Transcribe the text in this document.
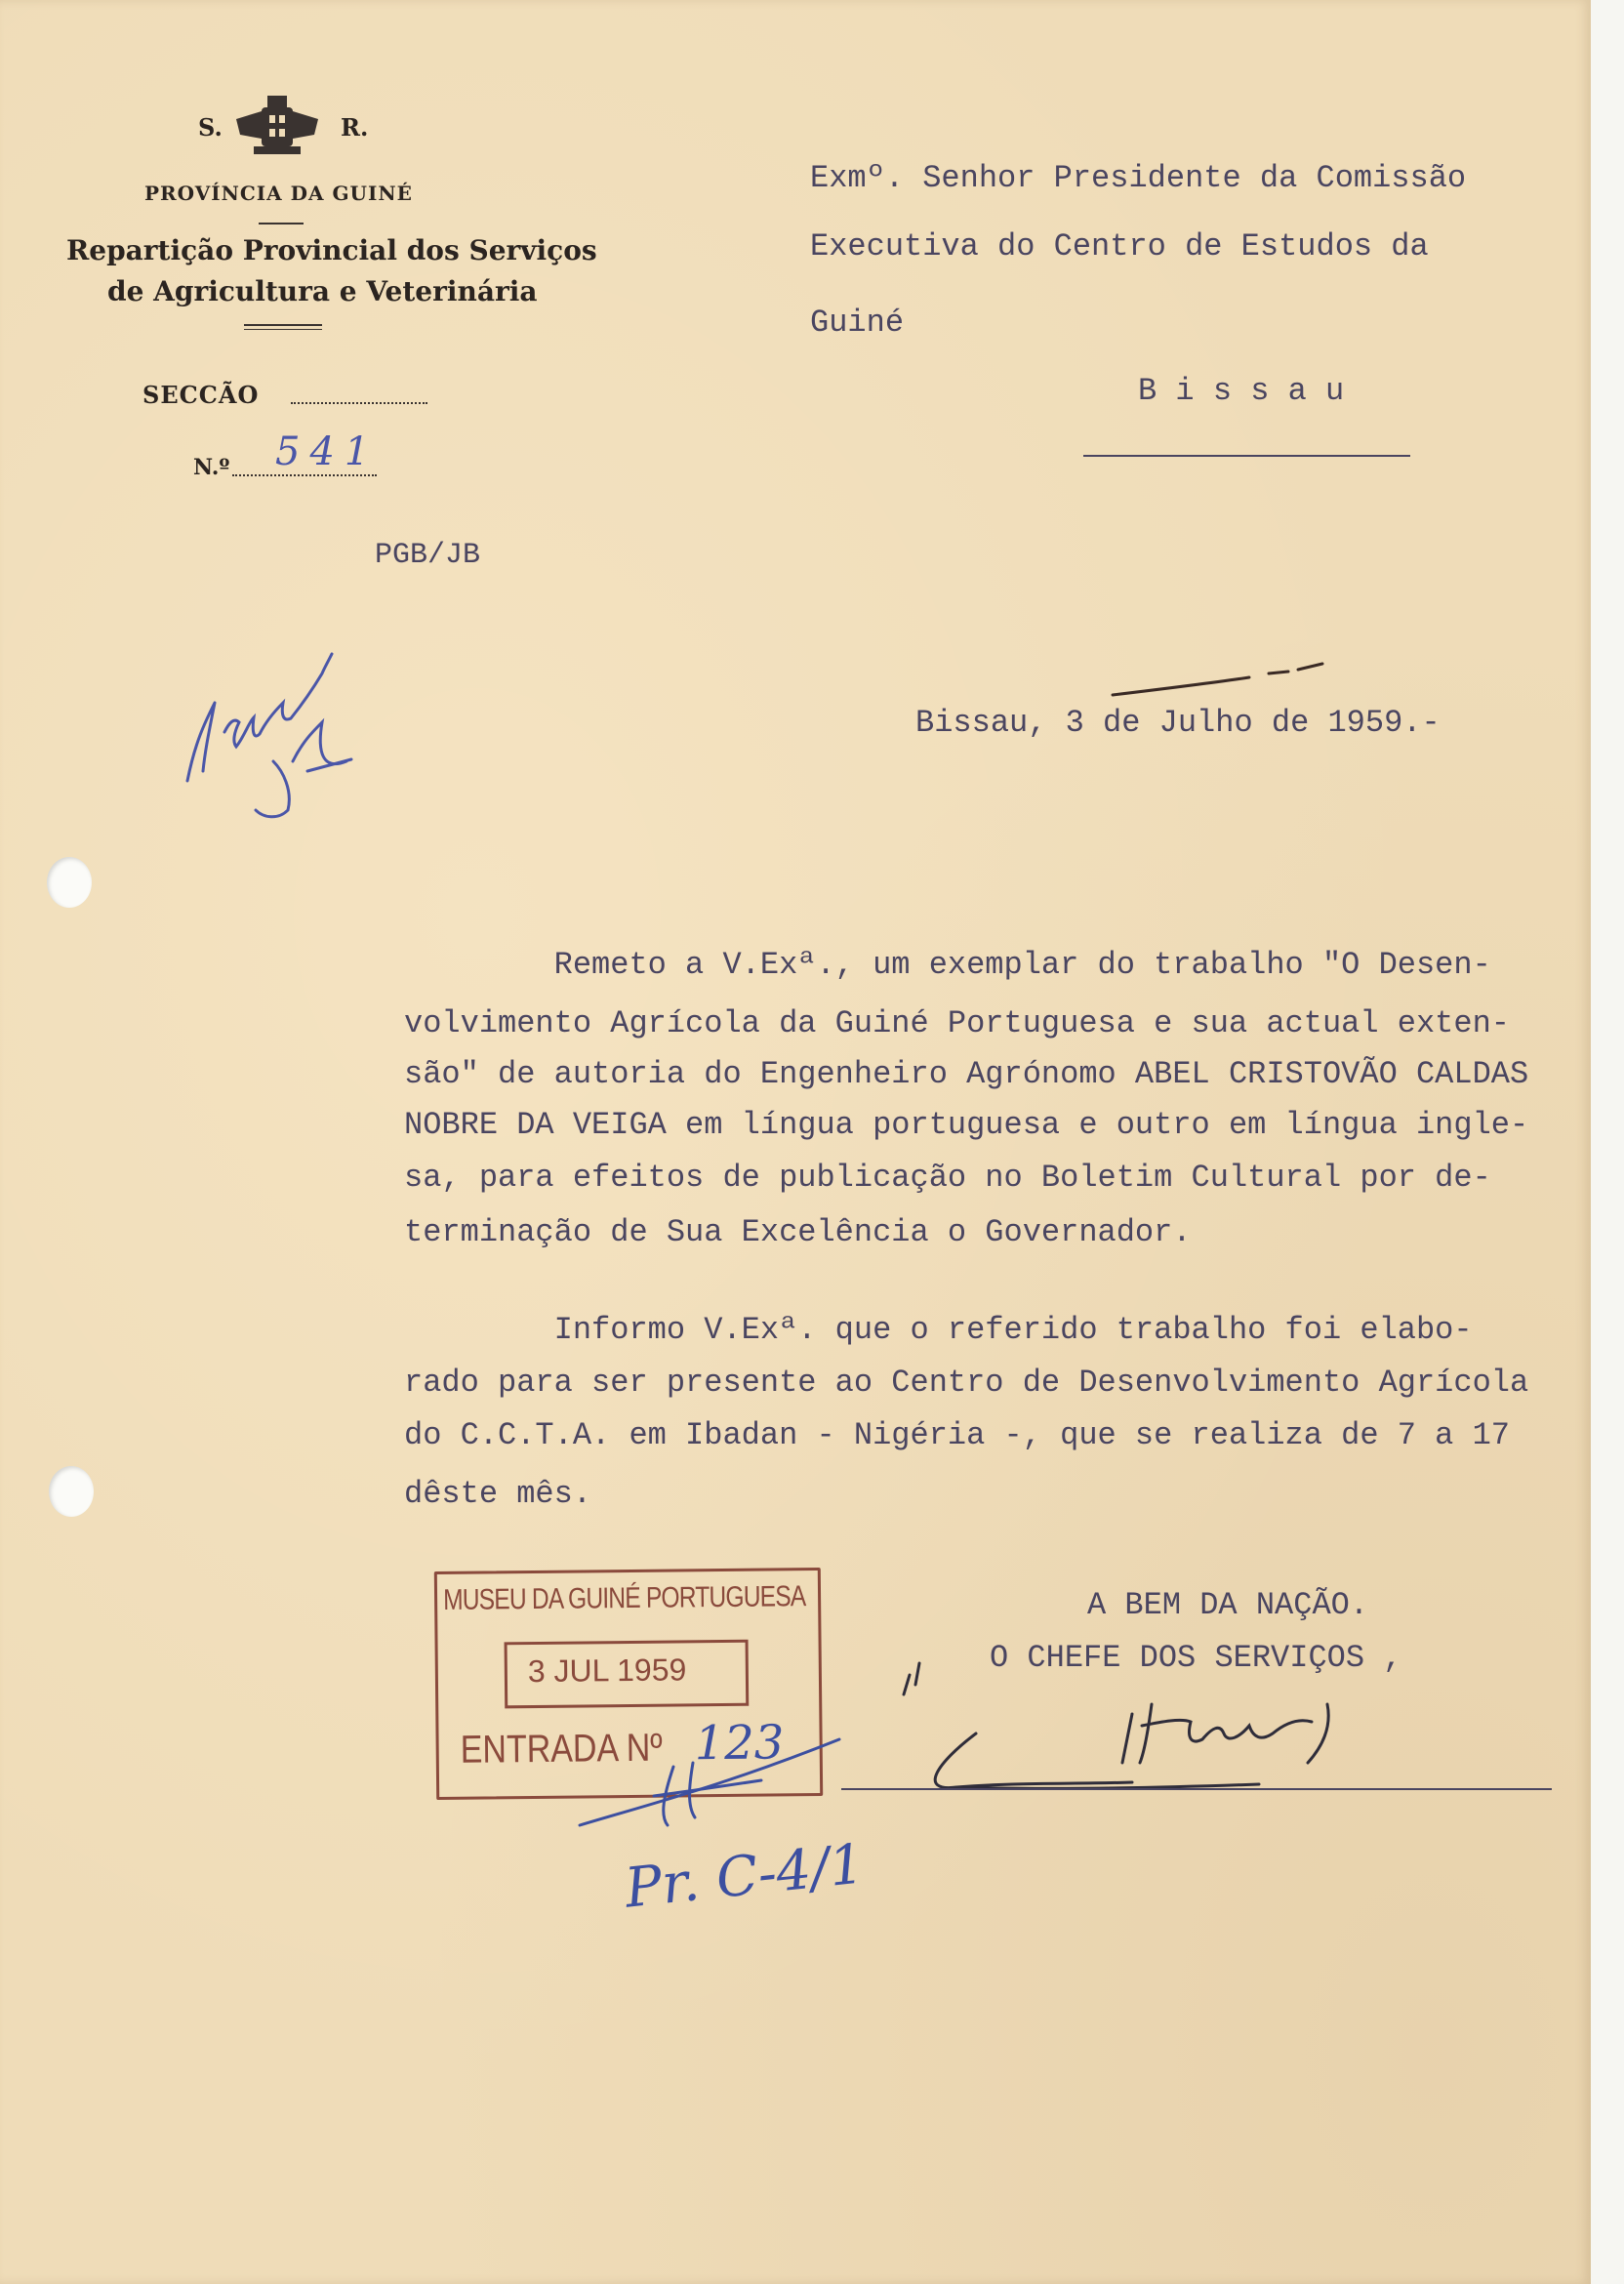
S.	R.
PROVÍNCIA DA GUINÉ
Repartição Provincial dos Serviços
de Agricultura e Veterinária
SECCÃO
N.º 541
Exmº. Senhor Presidente da Comissão
Executiva do Centro de Estudos da
Guiné
B i s s a u
PGB/JB
Bissau, 3 de Julho de 1959.-
Remeto a V.Exª., um exemplar do trabalho "O Desen-
volvimento Agrícola da Guiné Portuguesa e sua actual exten-
são" de autoria do Engenheiro Agrónomo ABEL CRISTOVÃO CALDAS
NOBRE DA VEIGA em língua portuguesa e outro em língua ingle-
sa, para efeitos de publicação no Boletim Cultural por de-
terminação de Sua Excelência o Governador.
Informo V.Exª. que o referido trabalho foi elabo-
rado para ser presente ao Centro de Desenvolvimento Agrícola
do C.C.T.A. em Ibadan - Nigéria -, que se realiza de 7 a 17
dêste mês.
A BEM DA NAÇÃO.
O CHEFE DOS SERVIÇOS ,
MUSEU DA GUINÉ PORTUGUESA
3 JUL 1959
ENTRADA Nº 123
Pr. C-4/1
